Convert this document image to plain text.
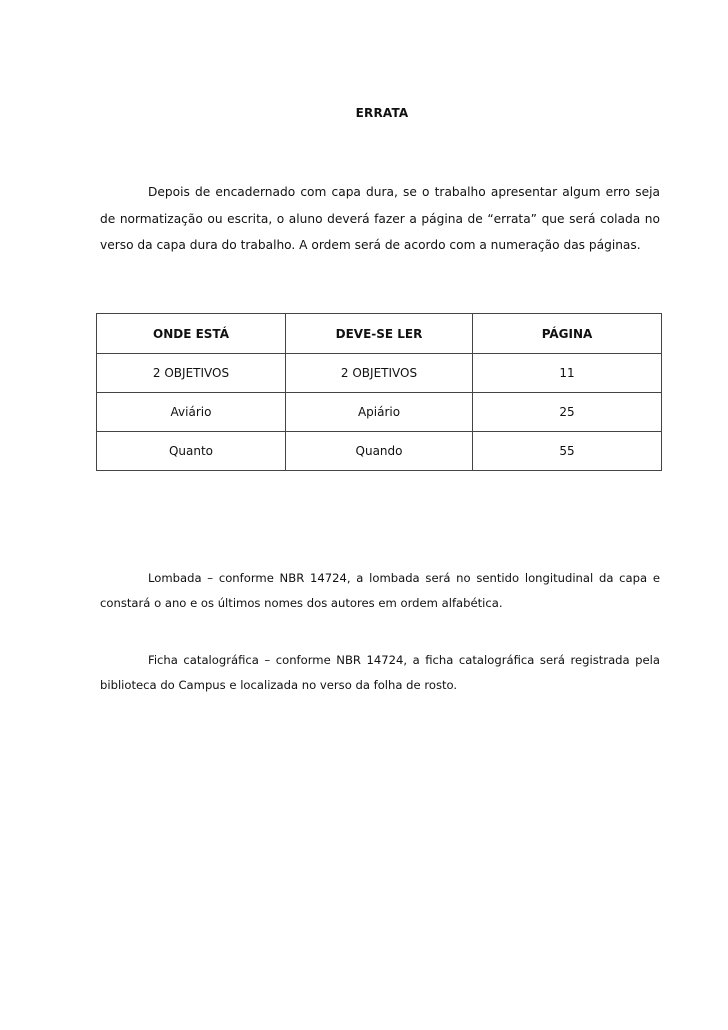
ERRATA

Depois de encadernado com capa dura, se o trabalho apresentar algum erro seja de normatização ou escrita, o aluno deverá fazer a página de “errata” que será colada no verso da capa dura do trabalho. A ordem será de acordo com a numeração das páginas.

ONDE ESTÁ	DEVE-SE LER	PÁGINA
2 OBJETIVOS	2 OBJETIVOS	11
Aviário	Apiário	25
Quanto	Quando	55

Lombada – conforme NBR 14724, a lombada será no sentido longitudinal da capa e constará o ano e os últimos nomes dos autores em ordem alfabética.

Ficha catalográfica – conforme NBR 14724, a ficha catalográfica será registrada pela biblioteca do Campus e localizada no verso da folha de rosto.
